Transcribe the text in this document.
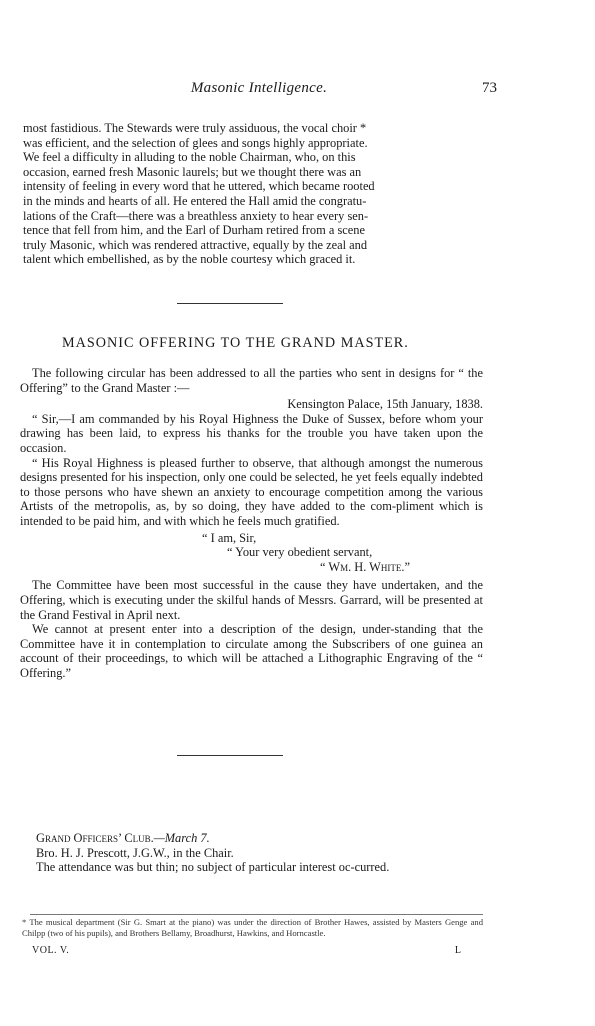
Masonic Intelligence.	73

most fastidious. The Stewards were truly assiduous, the vocal choir *

was efficient, and the selection of glees and songs highly appropriate.

We feel a difficulty in alluding to the noble Chairman, who, on this

occasion, earned fresh Masonic laurels; but we thought there was an

intensity of feeling in every word that he uttered, which became rooted

in the minds and hearts of all. He entered the Hall amid the congratu-

lations of the Craft—there was a breathless anxiety to hear every sen-

tence that fell from him, and the Earl of Durham retired from a scene

truly Masonic, which was rendered attractive, equally by the zeal and

talent which embellished, as by the noble courtesy which graced it.

MASONIC OFFERING TO THE GRAND MASTER.

The following circular has been addressed to all the parties who sent in designs for “ the Offering” to the Grand Master :—

Kensington Palace, 15th January, 1838.

“ Sir,—I am commanded by his Royal Highness the Duke of Sussex, before whom your drawing has been laid, to express his thanks for the trouble you have taken upon the occasion.

“ His Royal Highness is pleased further to observe, that although amongst the numerous designs presented for his inspection, only one could be selected, he yet feels equally indebted to those persons who have shewn an anxiety to encourage competition among the various Artists of the metropolis, as, by so doing, they have added to the com-pliment which is intended to be paid him, and with which he feels much gratified.

“ I am, Sir,
“ Your very obedient servant,
“ Wm. H. White.”

The Committee have been most successful in the cause they have undertaken, and the Offering, which is executing under the skilful hands of Messrs. Garrard, will be presented at the Grand Festival in April next.

We cannot at present enter into a description of the design, under-standing that the Committee have it in contemplation to circulate among the Subscribers of one guinea an account of their proceedings, to which will be attached a Lithographic Engraving of the “ Offering.”

Grand Officers’ Club.—March 7.

Bro. H. J. Prescott, J.G.W., in the Chair.

The attendance was but thin; no subject of particular interest oc-curred.

* The musical department (Sir G. Smart at the piano) was under the direction of Brother Hawes, assisted by Masters Genge and Chilpp (two of his pupils), and Brothers Bellamy, Broadhurst, Hawkins, and Horncastle.
VOL. V.	L
